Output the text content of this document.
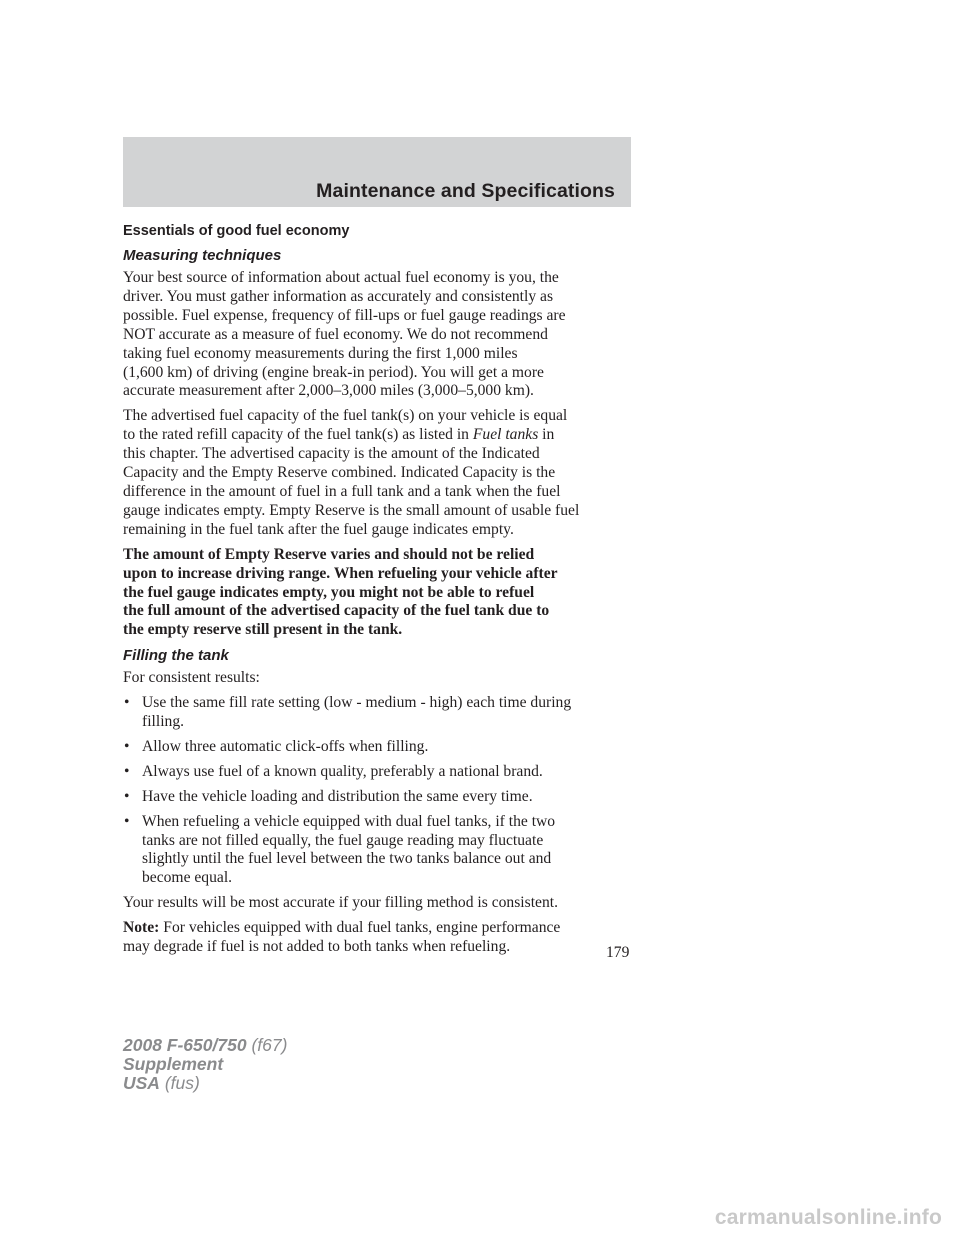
Maintenance and Specifications
Essentials of good fuel economy
Measuring techniques
Your best source of information about actual fuel economy is you, the
driver. You must gather information as accurately and consistently as
possible. Fuel expense, frequency of fill-ups or fuel gauge readings are
NOT accurate as a measure of fuel economy. We do not recommend
taking fuel economy measurements during the first 1,000 miles
(1,600 km) of driving (engine break-in period). You will get a more
accurate measurement after 2,000–3,000 miles (3,000–5,000 km).
The advertised fuel capacity of the fuel tank(s) on your vehicle is equal
to the rated refill capacity of the fuel tank(s) as listed in Fuel tanks in
this chapter. The advertised capacity is the amount of the Indicated
Capacity and the Empty Reserve combined. Indicated Capacity is the
difference in the amount of fuel in a full tank and a tank when the fuel
gauge indicates empty. Empty Reserve is the small amount of usable fuel
remaining in the fuel tank after the fuel gauge indicates empty.
The amount of Empty Reserve varies and should not be relied
upon to increase driving range. When refueling your vehicle after
the fuel gauge indicates empty, you might not be able to refuel
the full amount of the advertised capacity of the fuel tank due to
the empty reserve still present in the tank.
Filling the tank
For consistent results:
• Use the same fill rate setting (low - medium - high) each time during
filling.
• Allow three automatic click-offs when filling.
• Always use fuel of a known quality, preferably a national brand.
• Have the vehicle loading and distribution the same every time.
• When refueling a vehicle equipped with dual fuel tanks, if the two
tanks are not filled equally, the fuel gauge reading may fluctuate
slightly until the fuel level between the two tanks balance out and
become equal.
Your results will be most accurate if your filling method is consistent.
Note: For vehicles equipped with dual fuel tanks, engine performance
may degrade if fuel is not added to both tanks when refueling.	179
2008 F-650/750 (f67)
Supplement
USA (fus)
carmanualsonline.info
